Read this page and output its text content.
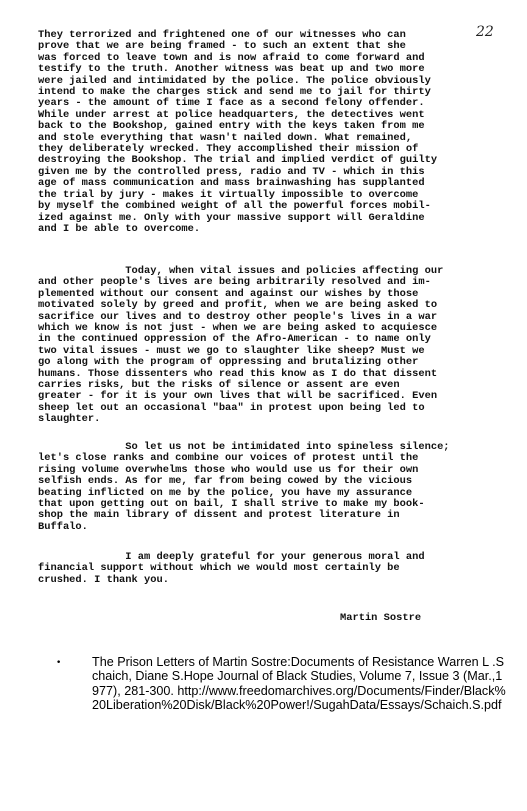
22

They terrorized and frightened one of our witnesses who can
prove that we are being framed - to such an extent that she
was forced to leave town and is now afraid to come forward and
testify to the truth. Another witness was beat up and two more
were jailed and intimidated by the police. The police obviously
intend to make the charges stick and send me to jail for thirty
years - the amount of time I face as a second felony offender.
While under arrest at police headquarters, the detectives went
back to the Bookshop, gained entry with the keys taken from me
and stole everything that wasn't nailed down. What remained,
they deliberately wrecked. They accomplished their mission of
destroying the Bookshop. The trial and implied verdict of guilty
given me by the controlled press, radio and TV - which in this
age of mass communication and mass brainwashing has supplanted
the trial by jury - makes it virtually impossible to overcome
by myself the combined weight of all the powerful forces mobil-
ized against me. Only with your massive support will Geraldine
and I be able to overcome.

Today, when vital issues and policies affecting our
and other people's lives are being arbitrarily resolved and im-
plemented without our consent and against our wishes by those
motivated solely by greed and profit, when we are being asked to
sacrifice our lives and to destroy other people's lives in a war
which we know is not just - when we are being asked to acquiesce
in the continued oppression of the Afro-American - to name only
two vital issues - must we go to slaughter like sheep? Must we
go along with the program of oppressing and brutalizing other
humans. Those dissenters who read this know as I do that dissent
carries risks, but the risks of silence or assent are even
greater - for it is your own lives that will be sacrificed. Even
sheep let out an occasional "baa" in protest upon being led to
slaughter.

So let us not be intimidated into spineless silence;
let's close ranks and combine our voices of protest until the
rising volume overwhelms those who would use us for their own
selfish ends. As for me, far from being cowed by the vicious
beating inflicted on me by the police, you have my assurance
that upon getting out on bail, I shall strive to make my book-
shop the main library of dissent and protest literature in
Buffalo.

I am deeply grateful for your generous moral and
financial support without which we would most certainly be
crushed. I thank you.

Martin Sostre
• The Prison Letters of Martin Sostre:Documents of Resistance Warren L .Schaich, Diane S.Hope Journal of Black Studies, Volume 7, Issue 3 (Mar.,1977), 281-300. http://www.freedomarchives.org/Documents/Finder/Black%20Liberation%20Disk/Black%20Power!/SugahData/Essays/Schaich.S.pdf
